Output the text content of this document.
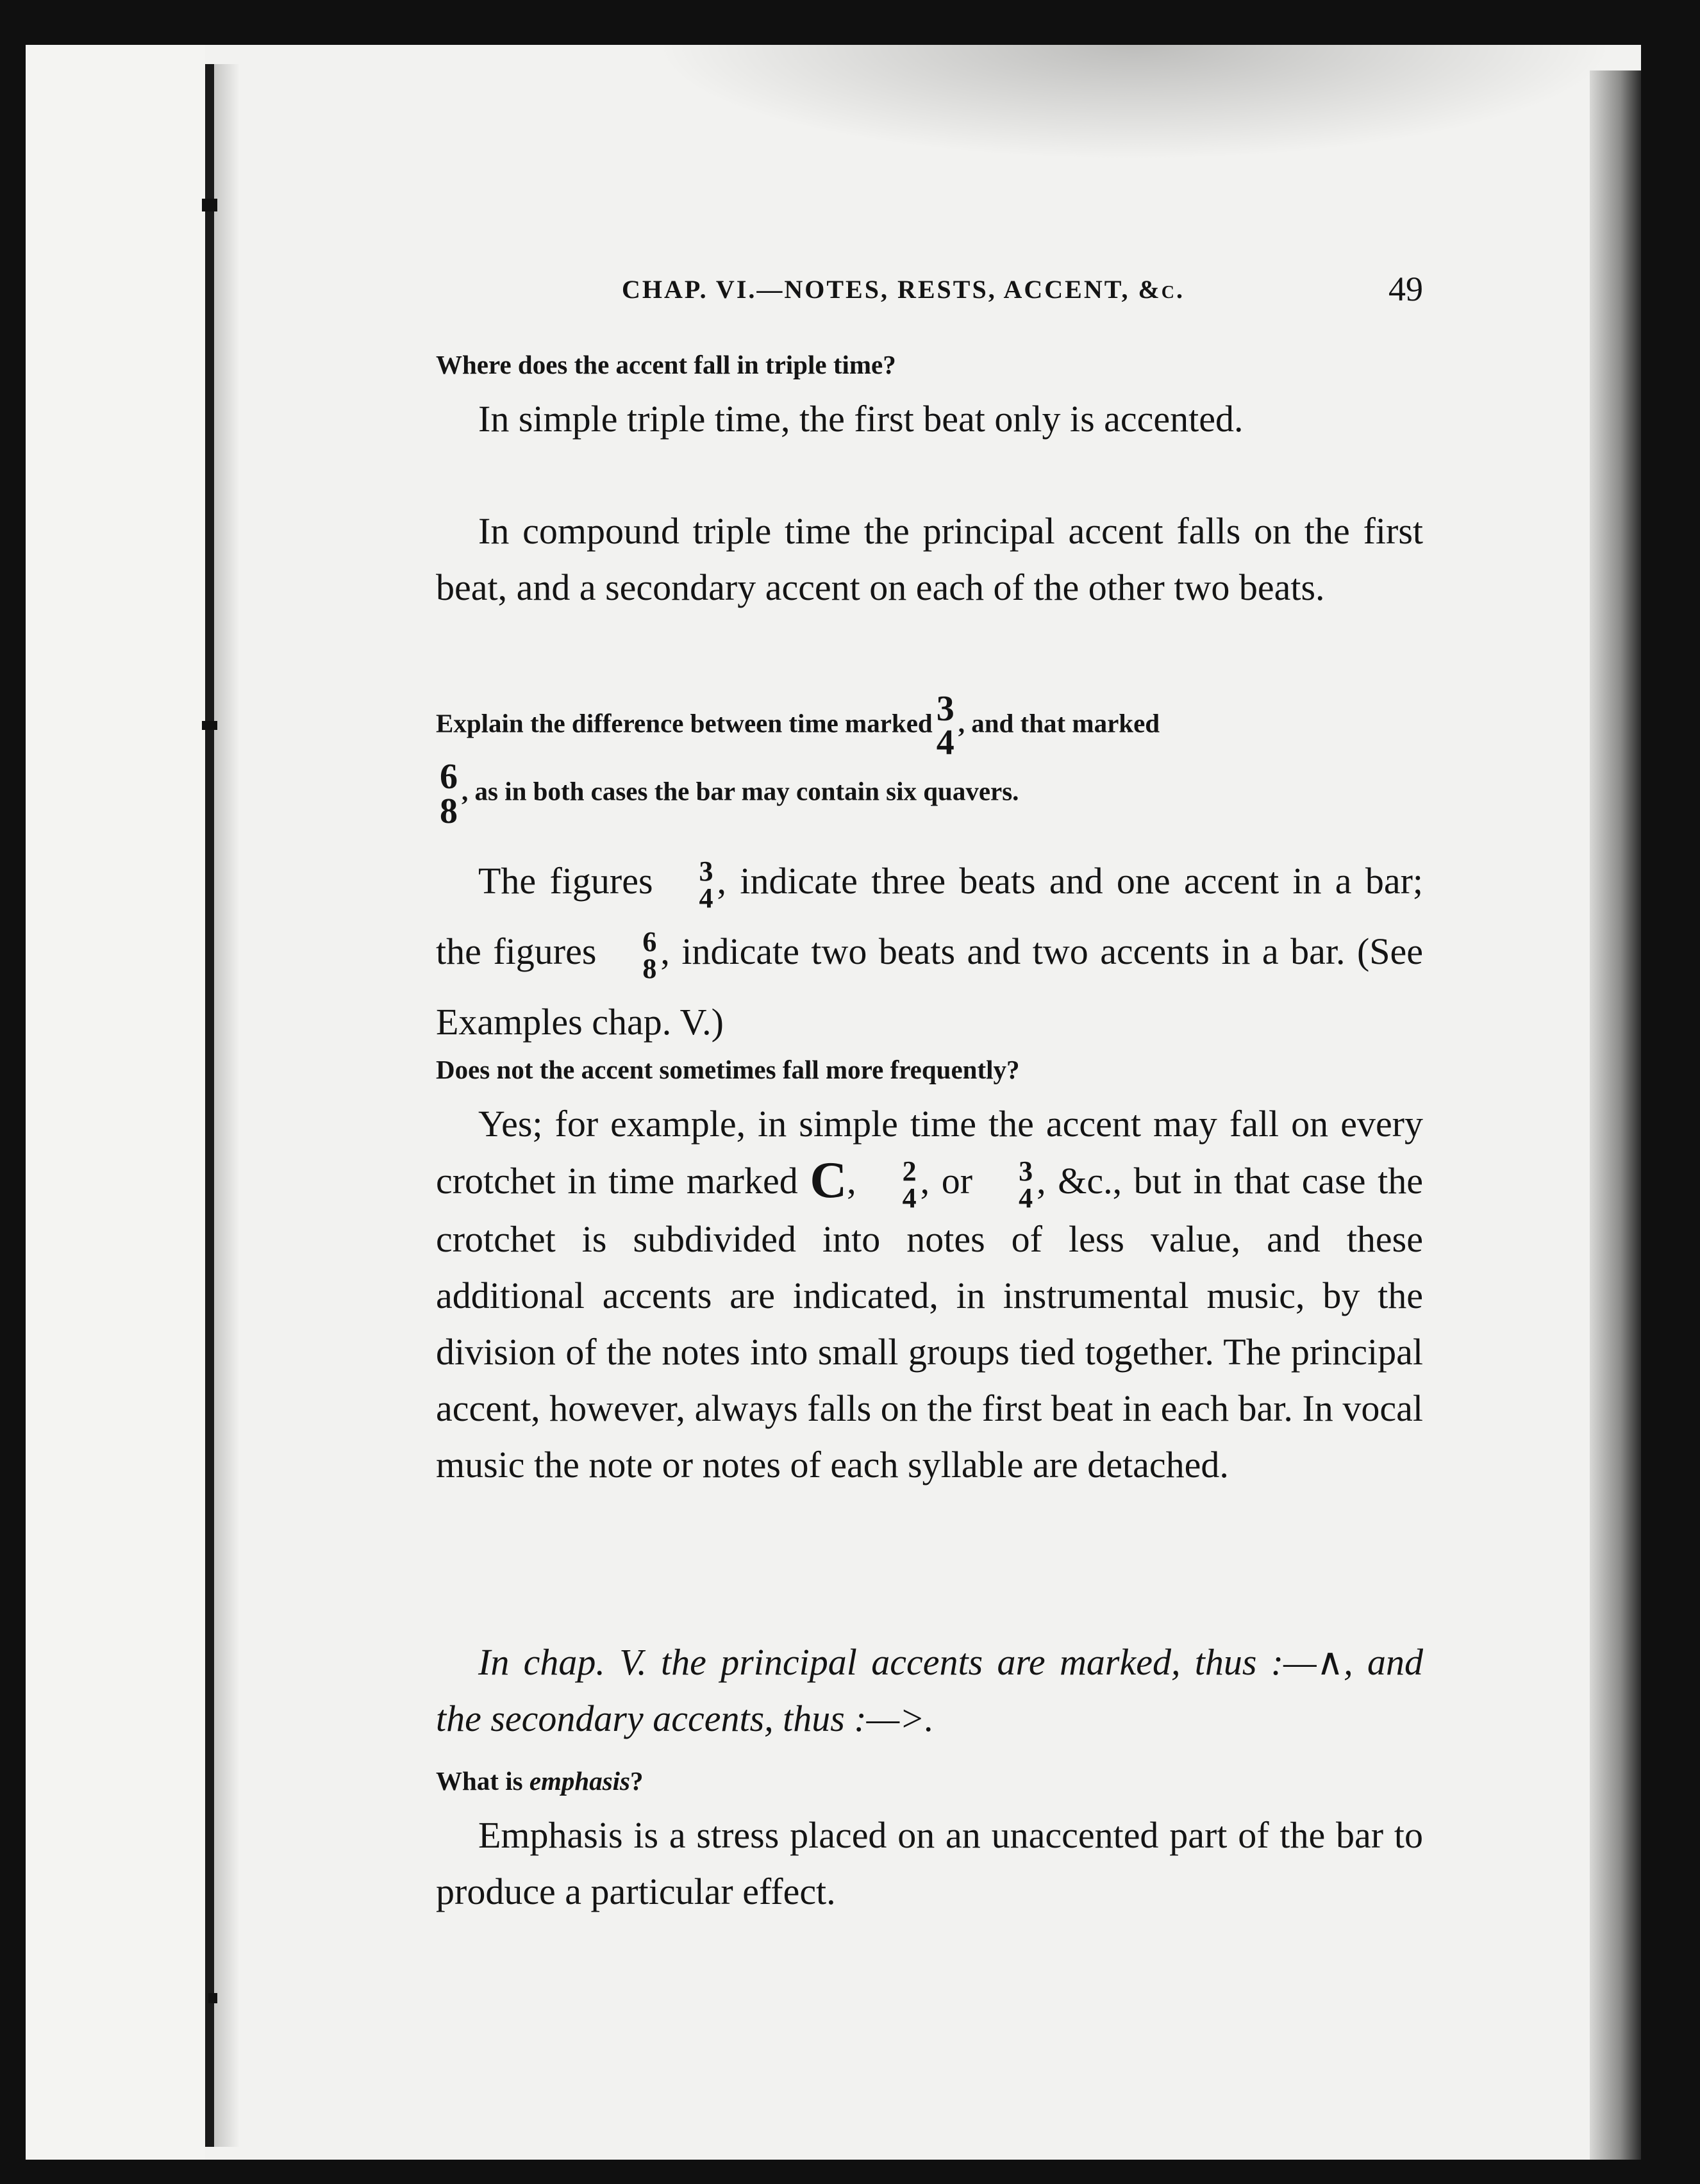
CHAP. VI.—NOTES, RESTS, ACCENT, &c.	49
Where does the accent fall in triple time?
In simple triple time, the first beat only is accented.
In compound triple time the principal accent falls on the first beat, and a secondary accent on each of the other two beats.
Explain the difference between time marked 3
4 , and that marked

6
8 , as in both cases the bar may contain six quavers.
The figures	3
4 , indicate three beats and one accent in a bar; the figures	6
8 , indicate two beats and two accents in a bar. (See Examples chap. V.)
Does not the accent sometimes fall more frequently?
Yes; for example, in simple time the accent may fall on every crotchet in time marked C,	2
4 , or	3
4 , &c., but in that case the crotchet is subdivided into notes of less value, and these additional accents are indicated, in instrumental music, by the division of the notes into small groups tied together. The principal accent, however, always falls on the first beat in each bar. In vocal music the note or notes of each syllable are detached.
In chap. V. the principal accents are marked, thus :—∧, and the secondary accents, thus :—>.
What is emphasis?
Emphasis is a stress placed on an unaccented part of the bar to produce a particular effect.
